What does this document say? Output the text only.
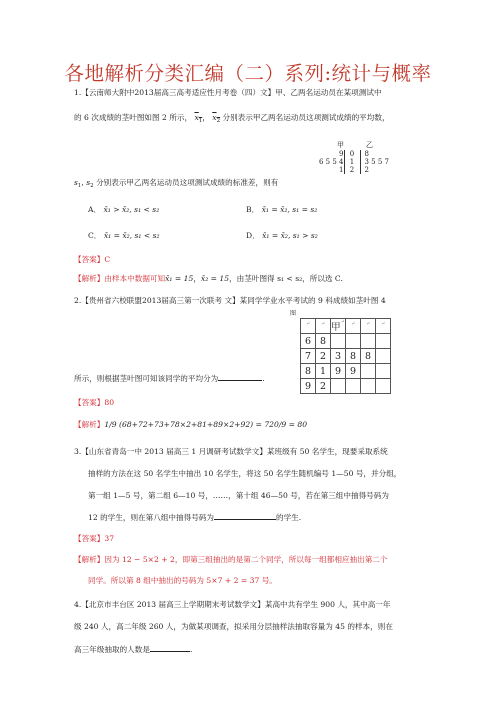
各地解析分类汇编（二）系列:统计与概率
1.【云南师大附中2013届高三高考适应性月考卷（四）文】甲、乙两名运动员在某项测试中
的 6 次成绩的茎叶图如图 2 所示， $x_1$， $x_2$ 分别表示甲乙两名运动员这项测试成绩的平均数，
甲		乙
9	0	8
6 5 5 4	1	3 5 5 7
1	2	2
$s_1$, $s_2$ 分别表示甲乙两名运动员这项测试成绩的标准差，则有
A． x̄₁ > x̄₂, s₁ < s₂	B． x̄₁ = x̄₂, s₁ = s₂
C． x̄₁ = x̄₂, s₁ < s₂	D． x̄₁ = x̄₂, s₁ > s₂
【答案】C
【解析】由样本中数据可知x̄₁ = 15，x̄₂ = 15，由茎叶图得 s₁ < s₂，所以选 C.
2.【贵州省六校联盟2013届高三第一次联考 文】某同学学业水平考试的 9 科成绩如茎叶图 4
图
↵	↵	甲↵	↵	↵	↵
6	8				
7	2	3	8	8	
8	1	9	9		
9	2				
所示，则根据茎叶图可知该同学的平均分为	.
【答案】80
【解析】1/9 (68+72+73+78×2+81+89×2+92) = 720/9 = 80
3.【山东省青岛一中 2013 届高三 1 月调研考试数学文】某班级有 50 名学生，现要采取系统
抽样的方法在这 50 名学生中抽出 10 名学生，将这 50 名学生随机编号 1—50 号，并分组，
第一组 1—5 号，第二组 6—10 号，……，第十组 46—50 号，若在第三组中抽得号码为
12 的学生，则在第八组中抽得号码为	的学生.
【答案】37
【解析】因为 12 − 5×2 + 2，即第三组抽出的是第二个同学，所以每一组都相应抽出第二个
同学。所以第 8 组中抽出的号码为 5×7 + 2 = 37 号。
4.【北京市丰台区 2013 届高三上学期期末考试数学文】某高中共有学生 900 人，其中高一年
级 240 人，高二年级 260 人，为做某项调查，拟采用分层抽样法抽取容量为 45 的样本，则在
高三年级抽取的人数是	.
